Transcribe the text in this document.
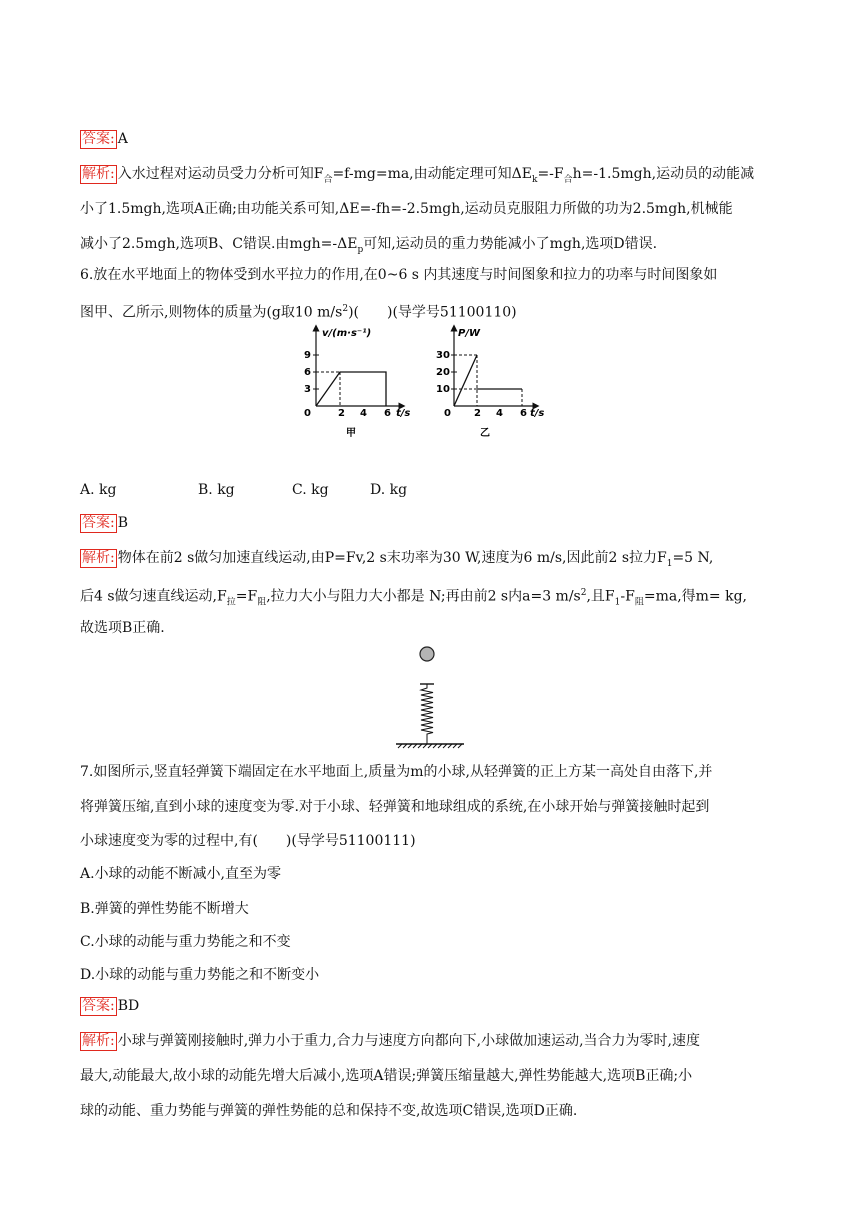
答案: A
解析: 入水过程对运动员受力分析可知$F_合=f-mg=ma$,由动能定理可知$\Delta E_k=-F_合h=-1.5mgh$,运动员的动能减
小了1.5mgh,选项A正确;由功能关系可知,ΔE=-fh=-2.5mgh,运动员克服阻力所做的功为2.5mgh,机械能
减小了2.5mgh,选项B、C错误.由$mgh=-\Delta E_p$可知,运动员的重力势能减小了mgh,选项D错误.
6.放在水平地面上的物体受到水平拉力的作用,在0~6 s 内其速度与时间图象和拉力的功率与时间图象如
图甲、乙所示,则物体的质量为(g取10 $m/s^2$)(　　)(导学号51100110)
v/(m·s⁻¹)
t/s
9
6
3
0	2 4 6
甲
P/W
t/s
30
20
10
0 2 4 6
乙
A. kg	B. kg	C. kg	D. kg
答案: B
解析: 物体在前2 s做匀加速直线运动,由P=Fv,2 s末功率为30 W,速度为6 m/s,因此前2 s拉力$F_1=5$ N,
后4 s做匀速直线运动$,F_拉=F_阻$,拉力大小与阻力大小都是 N;再由前2 s内a=3 $m/s^2$,且$F_1-F_阻=ma$,得m= kg,
故选项B正确.
7.如图所示,竖直轻弹簧下端固定在水平地面上,质量为m的小球,从轻弹簧的正上方某一高处自由落下,并
将弹簧压缩,直到小球的速度变为零.对于小球、轻弹簧和地球组成的系统,在小球开始与弹簧接触时起到
小球速度变为零的过程中,有(　　)(导学号51100111)
A.小球的动能不断减小,直至为零
B.弹簧的弹性势能不断增大
C.小球的动能与重力势能之和不变
D.小球的动能与重力势能之和不断变小
答案: BD
解析: 小球与弹簧刚接触时,弹力小于重力,合力与速度方向都向下,小球做加速运动,当合力为零时,速度
最大,动能最大,故小球的动能先增大后减小,选项A错误;弹簧压缩量越大,弹性势能越大,选项B正确;小
球的动能、重力势能与弹簧的弹性势能的总和保持不变,故选项C错误,选项D正确.
